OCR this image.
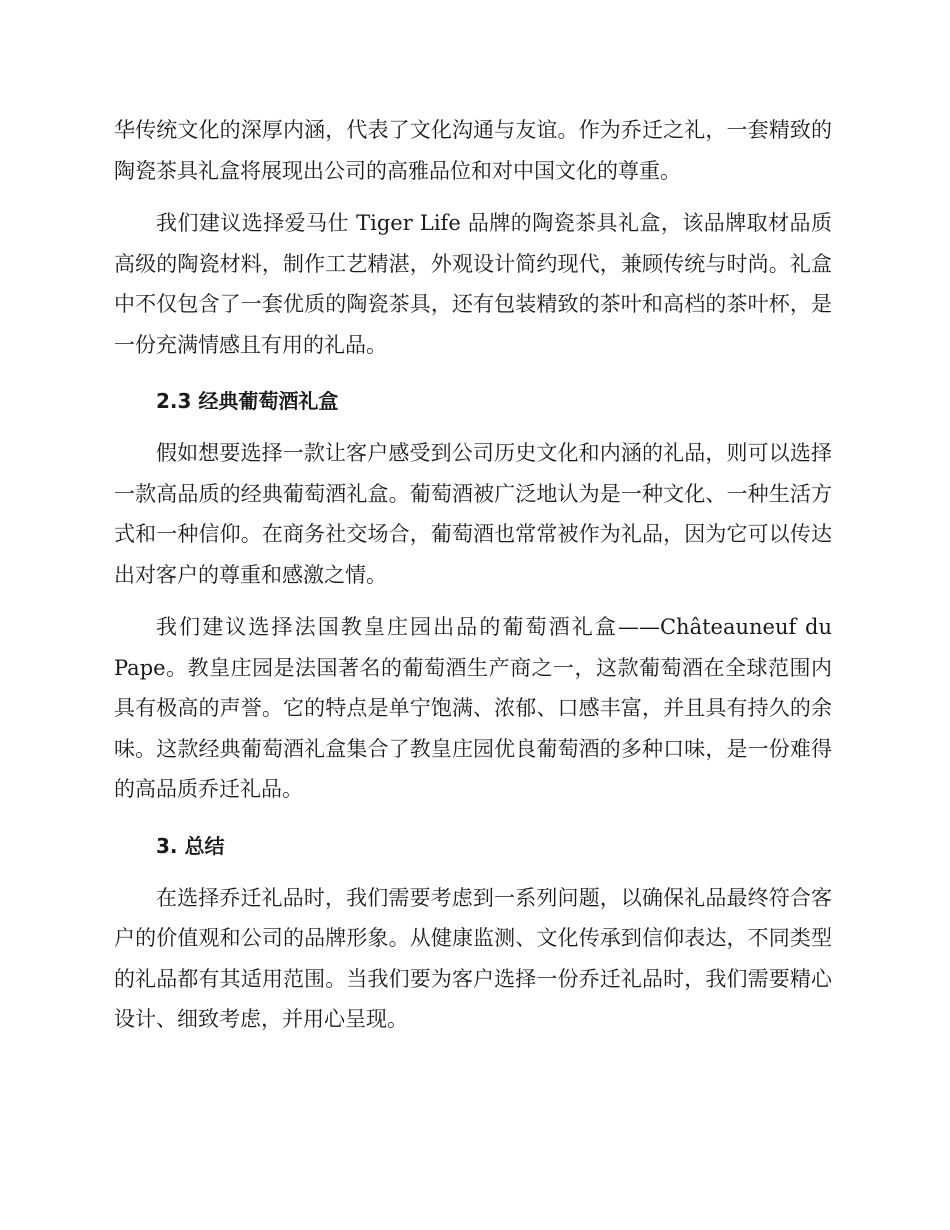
华传统文化的深厚内涵，代表了文化沟通与友谊。作为乔迁之礼，一套精致的陶瓷茶具礼盒将展现出公司的高雅品位和对中国文化的尊重。

我们建议选择爱马仕 Tiger Life 品牌的陶瓷茶具礼盒，该品牌取材品质高级的陶瓷材料，制作工艺精湛，外观设计简约现代，兼顾传统与时尚。礼盒中不仅包含了一套优质的陶瓷茶具，还有包装精致的茶叶和高档的茶叶杯，是一份充满情感且有用的礼品。

2.3 经典葡萄酒礼盒

假如想要选择一款让客户感受到公司历史文化和内涵的礼品，则可以选择一款高品质的经典葡萄酒礼盒。葡萄酒被广泛地认为是一种文化、一种生活方式和一种信仰。在商务社交场合，葡萄酒也常常被作为礼品，因为它可以传达出对客户的尊重和感激之情。

我们建议选择法国教皇庄园出品的葡萄酒礼盒——Châteauneuf du Pape。教皇庄园是法国著名的葡萄酒生产商之一，这款葡萄酒在全球范围内具有极高的声誉。它的特点是单宁饱满、浓郁、口感丰富，并且具有持久的余味。这款经典葡萄酒礼盒集合了教皇庄园优良葡萄酒的多种口味，是一份难得的高品质乔迁礼品。

3. 总结

在选择乔迁礼品时，我们需要考虑到一系列问题，以确保礼品最终符合客户的价值观和公司的品牌形象。从健康监测、文化传承到信仰表达，不同类型的礼品都有其适用范围。当我们要为客户选择一份乔迁礼品时，我们需要精心设计、细致考虑，并用心呈现。
